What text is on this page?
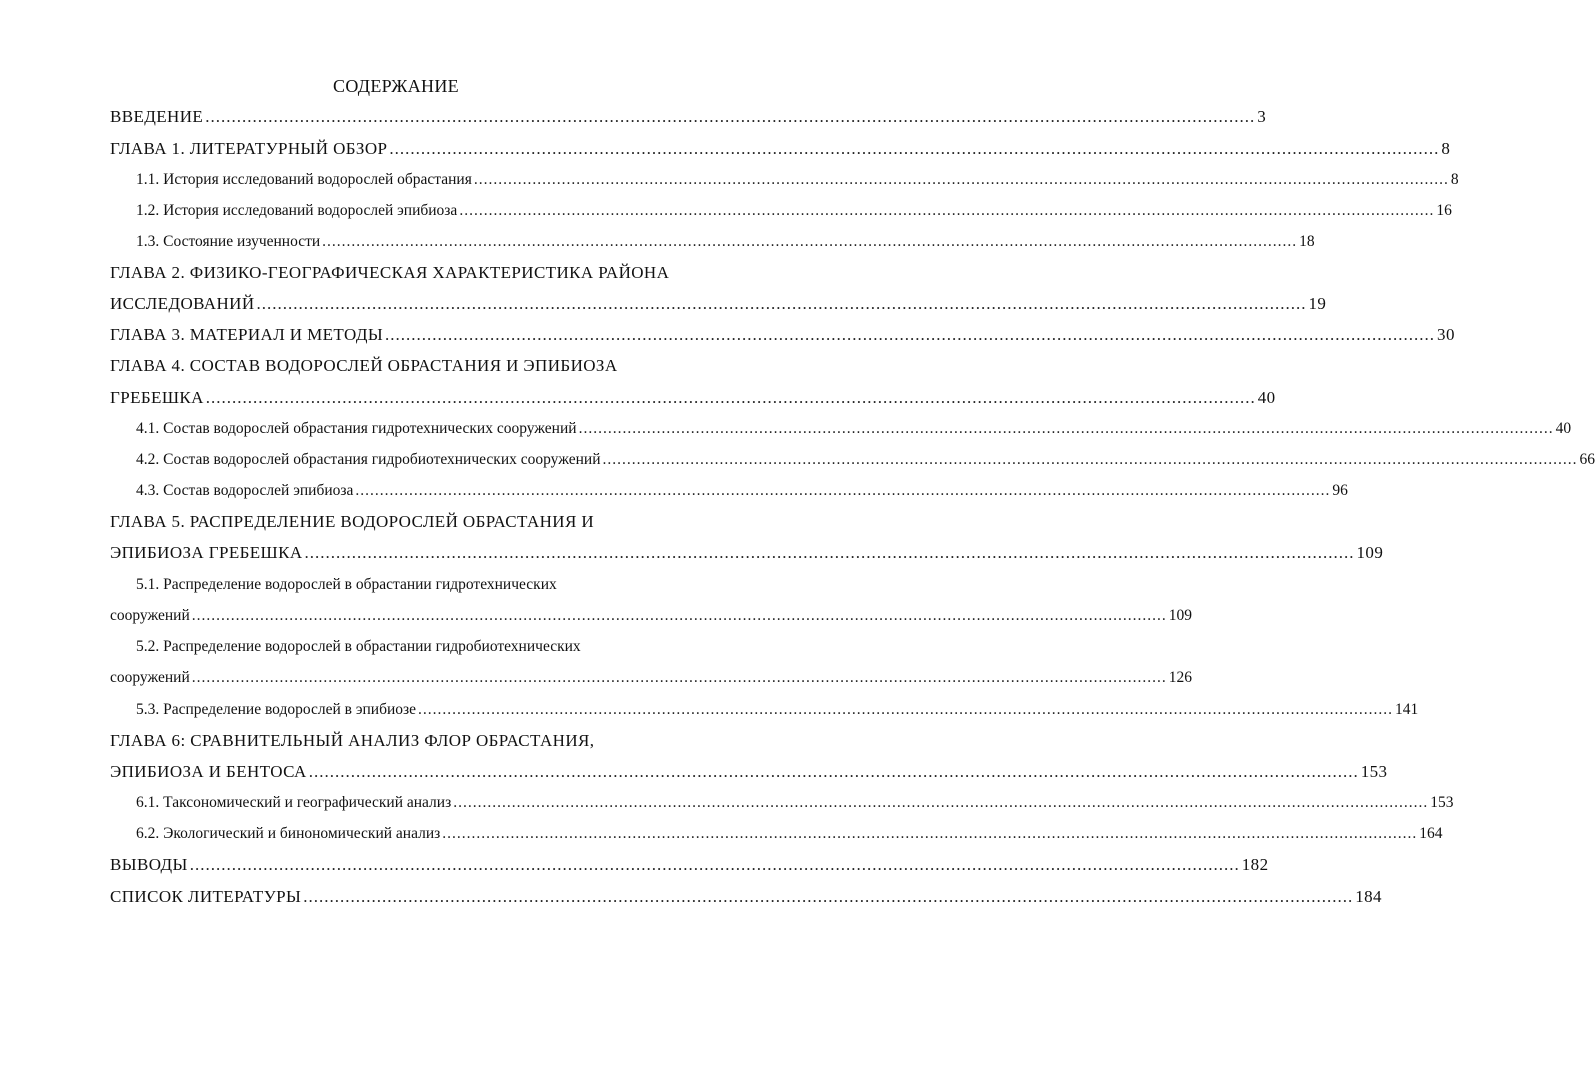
СОДЕРЖАНИЕ
ВВЕДЕНИЕ ........................................................................................................................................................................................................ 3
ГЛАВА 1. ЛИТЕРАТУРНЫЙ ОБЗОР ........................................................................................................................................................................................................ 8
1.1. История исследований водорослей обрастания ........................................................................................................................................................................................................ 8
1.2. История исследований водорослей эпибиоза ........................................................................................................................................................................................................ 16
1.3. Состояние изученности ........................................................................................................................................................................................................ 18
ГЛАВА 2. ФИЗИКО-ГЕОГРАФИЧЕСКАЯ ХАРАКТЕРИСТИКА РАЙОНА
ИССЛЕДОВАНИЙ ........................................................................................................................................................................................................ 19
ГЛАВА 3. МАТЕРИАЛ И МЕТОДЫ ........................................................................................................................................................................................................ 30
ГЛАВА 4. СОСТАВ ВОДОРОСЛЕЙ ОБРАСТАНИЯ И ЭПИБИОЗА
ГРЕБЕШКА ........................................................................................................................................................................................................ 40
4.1. Состав водорослей обрастания гидротехнических сооружений ........................................................................................................................................................................................................ 40
4.2. Состав водорослей обрастания гидробиотехнических сооружений ........................................................................................................................................................................................................ 66
4.3. Состав водорослей эпибиоза ........................................................................................................................................................................................................ 96
ГЛАВА 5. РАСПРЕДЕЛЕНИЕ ВОДОРОСЛЕЙ ОБРАСТАНИЯ И
ЭПИБИОЗА ГРЕБЕШКА ........................................................................................................................................................................................................ 109
5.1. Распределение водорослей в обрастании гидротехнических
сооружений ........................................................................................................................................................................................................ 109
5.2. Распределение водорослей в обрастании гидробиотехнических
сооружений ........................................................................................................................................................................................................ 126
5.3. Распределение водорослей в эпибиозе ........................................................................................................................................................................................................ 141
ГЛАВА 6: СРАВНИТЕЛЬНЫЙ АНАЛИЗ ФЛОР ОБРАСТАНИЯ,
ЭПИБИОЗА И БЕНТОСА ........................................................................................................................................................................................................ 153
6.1. Таксономический и географический анализ ........................................................................................................................................................................................................ 153
6.2. Экологический и бинономический анализ ........................................................................................................................................................................................................ 164
ВЫВОДЫ ........................................................................................................................................................................................................ 182
СПИСОК ЛИТЕРАТУРЫ ........................................................................................................................................................................................................ 184
